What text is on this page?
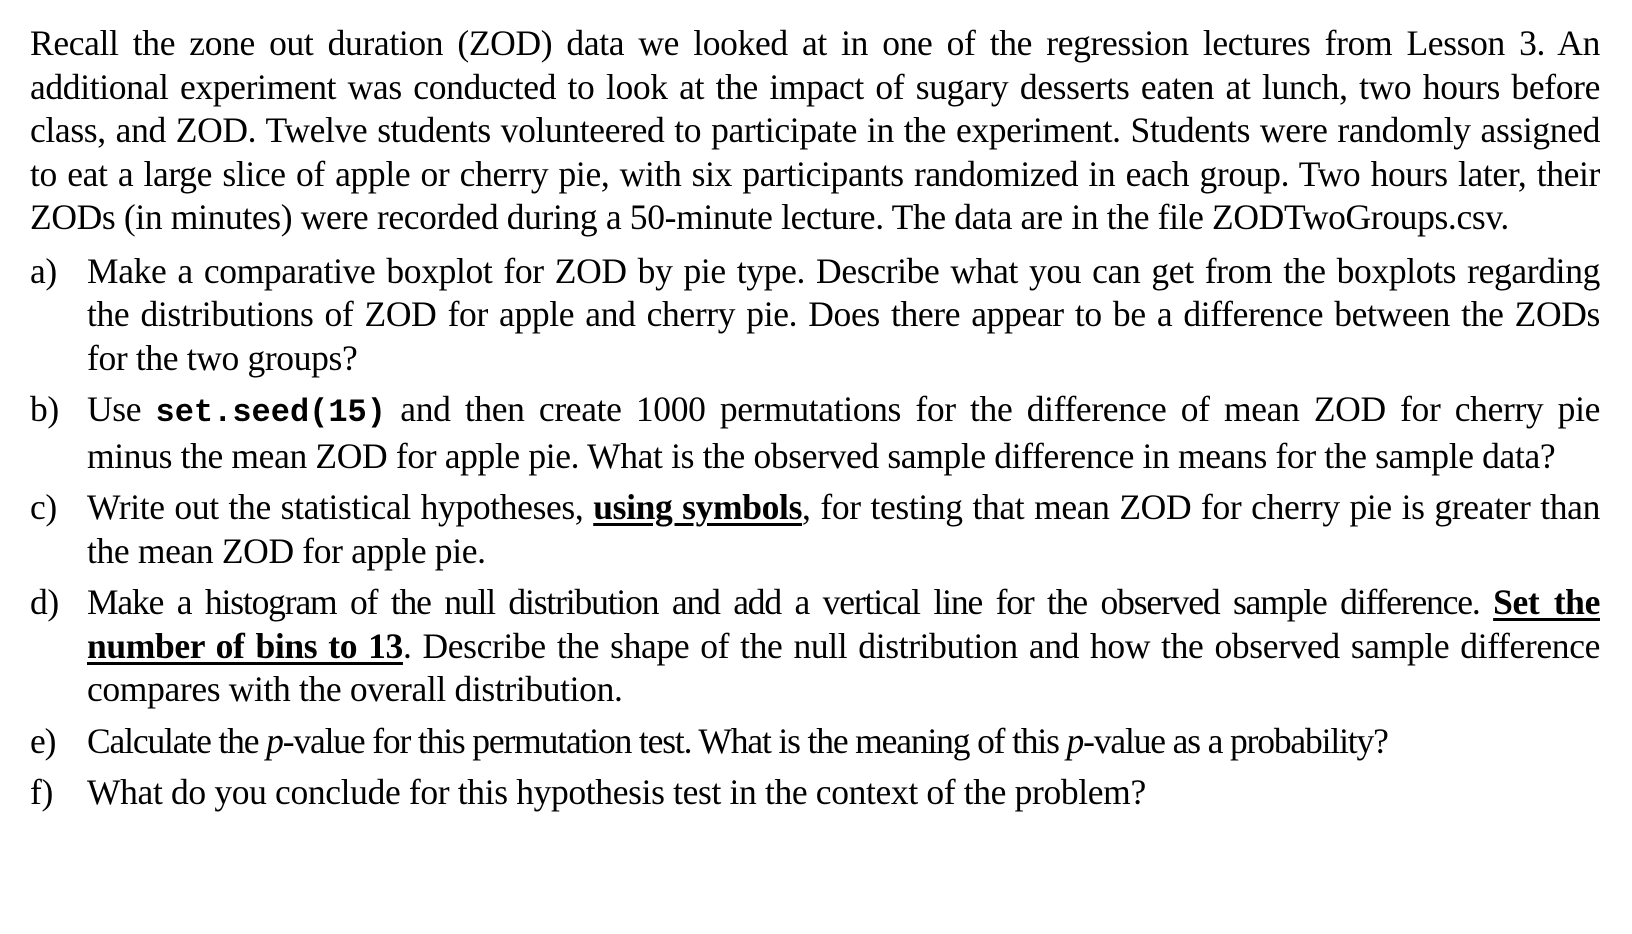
Recall the zone out duration (ZOD) data we looked at in one of the regression lectures from Lesson 3. An additional experiment was conducted to look at the impact of sugary desserts eaten at lunch, two hours before class, and ZOD. Twelve students volunteered to participate in the experiment. Students were randomly assigned to eat a large slice of apple or cherry pie, with six participants randomized in each group. Two hours later, their ZODs (in minutes) were recorded during a 50-minute lecture. The data are in the file ZODTwoGroups.csv.

a) Make a comparative boxplot for ZOD by pie type. Describe what you can get from the boxplots regarding the distributions of ZOD for apple and cherry pie. Does there appear to be a difference between the ZODs for the two groups?
b) Use set.seed(15) and then create 1000 permutations for the difference of mean ZOD for cherry pie minus the mean ZOD for apple pie. What is the observed sample difference in means for the sample data?
c) Write out the statistical hypotheses, using symbols, for testing that mean ZOD for cherry pie is greater than the mean ZOD for apple pie.
d) Make a histogram of the null distribution and add a vertical line for the observed sample difference. Set the number of bins to 13. Describe the shape of the null distribution and how the observed sample difference compares with the overall distribution.
e) Calculate the p-value for this permutation test. What is the meaning of this p-value as a probability?
f) What do you conclude for this hypothesis test in the context of the problem?
